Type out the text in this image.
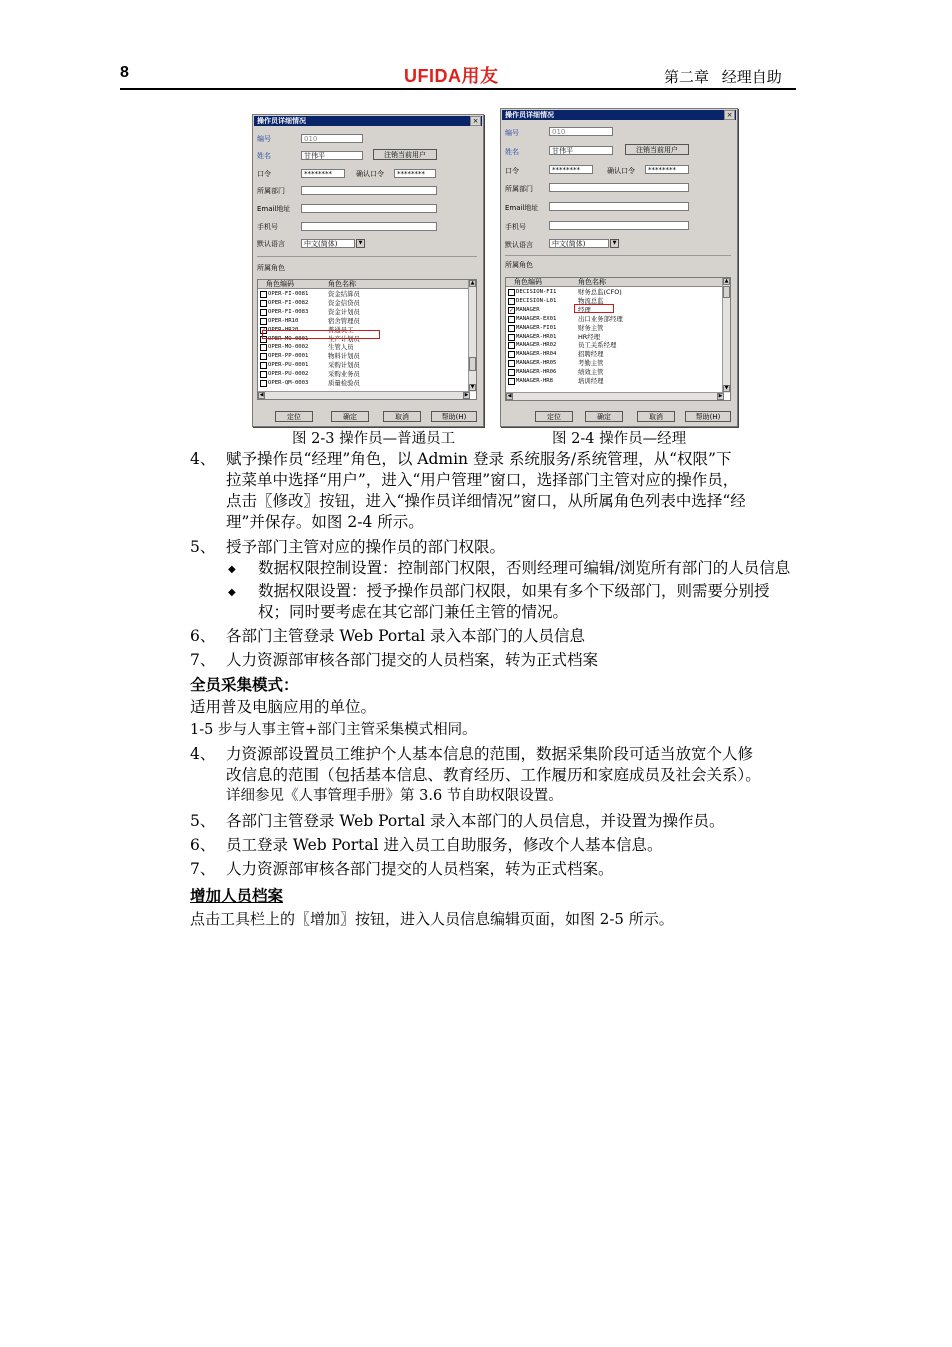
8	UFIDA用友	第二章 经理自助
操作员详细情况	×
编号	010
姓名	甘伟平	注销当前用户
口令	********	确认口令	********
所属部门
Email地址
手机号
默认语言	中文(简体)	▼
所属角色
角色编码	角色名称
OPER-FI-0081	资金结算员
OPER-FI-0082	资金信贷员
OPER-FI-0083	资金计划员
OPER-HR10	宿舍管理员
✓ OPER-HR20	普通员工
OPER-MO-0001	生产计划员
OPER-MO-0002	生管人员
OPER-PP-0001	物料计划员
OPER-PU-0001	采购计划员
OPER-PU-0002	采购业务员
OPER-QM-0003	质量检验员
▲
▼
◀	▶
定位	确定	取消	帮助(H)
操作员详细情况	×
编号	010
姓名	甘伟平	注销当前用户
口令	********	确认口令	********
所属部门
Email地址
手机号
默认语言	中文(简体)	▼
所属角色
角色编码	角色名称
DECISION-FI1	财务总监(CFO)
DECISION-L01	物流总监
✓ MANAGER	经理
MANAGER-EX01	出口业务部经理
MANAGER-FI01	财务主管
MANAGER-HR01	HR经理
MANAGER-HR02	员工关系经理
MANAGER-HR04	招聘经理
MANAGER-HR05	考勤主管
MANAGER-HR06	绩效主管
MANAGER-HR8	培训经理
▲
▼
◀	▶
定位	确定	取消	帮助(H)
图 2-3 操作员—普通员工	图 2-4 操作员—经理
4、 赋予操作员“经理”角色，以 Admin 登录 系统服务/系统管理，从“权限”下
拉菜单中选择“用户”，进入“用户管理”窗口，选择部门主管对应的操作员，
点击〖修改〗按钮，进入“操作员详细情况”窗口，从所属角色列表中选择“经
理”并保存。如图 2-4 所示。
5、 授予部门主管对应的操作员的部门权限。
◆ 数据权限控制设置：控制部门权限，否则经理可编辑/浏览所有部门的人员信息
◆ 数据权限设置：授予操作员部门权限，如果有多个下级部门，则需要分别授
权；同时要考虑在其它部门兼任主管的情况。
6、 各部门主管登录 Web Portal 录入本部门的人员信息
7、 人力资源部审核各部门提交的人员档案，转为正式档案
全员采集模式：
适用普及电脑应用的单位。
1-5 步与人事主管+部门主管采集模式相同。
4、 力资源部设置员工维护个人基本信息的范围，数据采集阶段可适当放宽个人修
改信息的范围（包括基本信息、教育经历、工作履历和家庭成员及社会关系）。
详细参见《人事管理手册》第 3.6 节自助权限设置。
5、 各部门主管登录 Web Portal 录入本部门的人员信息，并设置为操作员。
6、 员工登录 Web Portal 进入员工自助服务，修改个人基本信息。
7、 人力资源部审核各部门提交的人员档案，转为正式档案。
增加人员档案
点击工具栏上的〖增加〗按钮，进入人员信息编辑页面，如图 2-5 所示。
